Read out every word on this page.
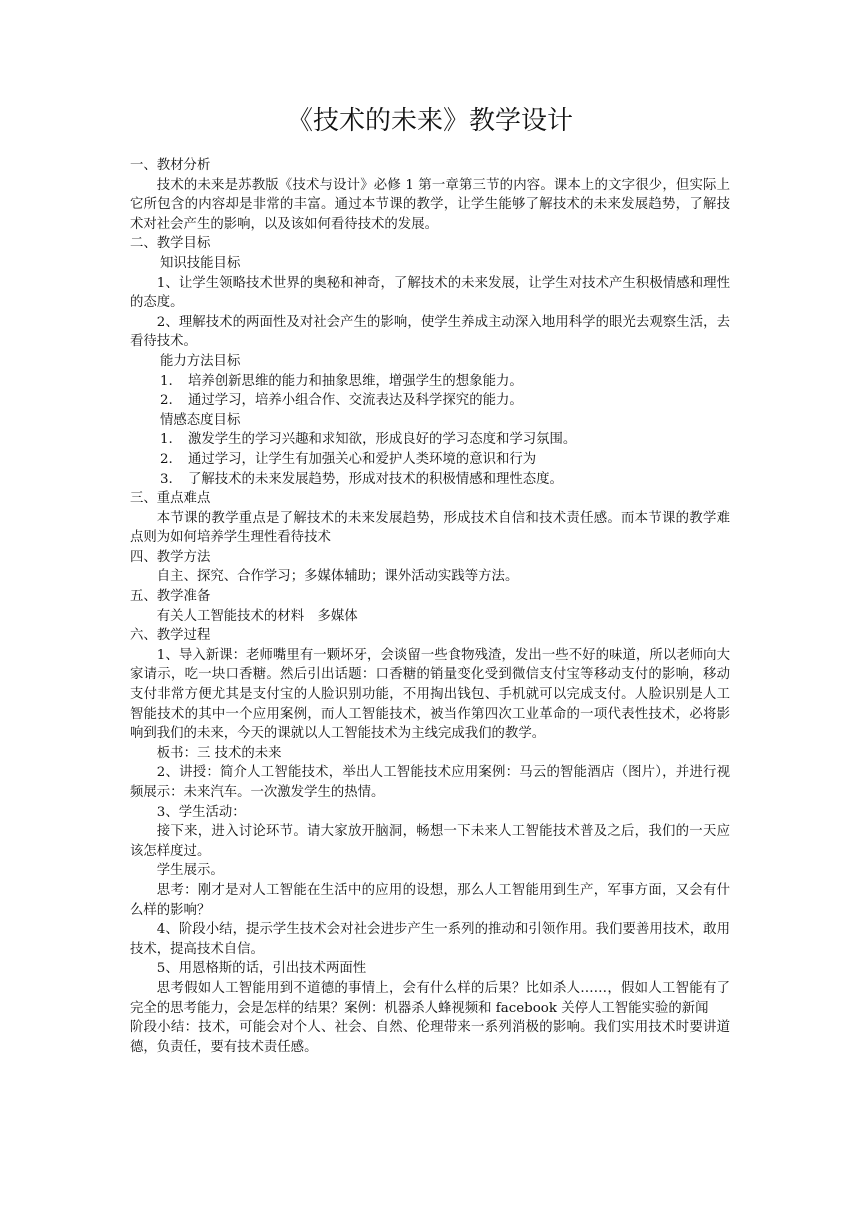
《技术的未来》教学设计

一、教材分析

技术的未来是苏教版《技术与设计》必修 1 第一章第三节的内容。课本上的文字很少，但实际上它所包含的内容却是非常的丰富。通过本节课的教学，让学生能够了解技术的未来发展趋势，了解技术对社会产生的影响，以及该如何看待技术的发展。

二、教学目标

知识技能目标

1、让学生领略技术世界的奥秘和神奇，了解技术的未来发展，让学生对技术产生积极情感和理性的态度。

2、理解技术的两面性及对社会产生的影响，使学生养成主动深入地用科学的眼光去观察生活，去看待技术。

能力方法目标

1. 培养创新思维的能力和抽象思维，增强学生的想象能力。

2. 通过学习，培养小组合作、交流表达及科学探究的能力。

情感态度目标

1. 激发学生的学习兴趣和求知欲，形成良好的学习态度和学习氛围。

2. 通过学习，让学生有加强关心和爱护人类环境的意识和行为

3. 了解技术的未来发展趋势，形成对技术的积极情感和理性态度。

三、重点难点

本节课的教学重点是了解技术的未来发展趋势，形成技术自信和技术责任感。而本节课的教学难点则为如何培养学生理性看待技术

四、教学方法

自主、探究、合作学习；多媒体辅助；课外活动实践等方法。

五、教学准备

有关人工智能技术的材料　多媒体

六、教学过程

1、导入新课：老师嘴里有一颗坏牙，会谈留一些食物残渣，发出一些不好的味道，所以老师向大家请示，吃一块口香糖。然后引出话题：口香糖的销量变化受到微信支付宝等移动支付的影响，移动支付非常方便尤其是支付宝的人脸识别功能，不用掏出钱包、手机就可以完成支付。人脸识别是人工智能技术的其中一个应用案例，而人工智能技术，被当作第四次工业革命的一项代表性技术，必将影响到我们的未来，今天的课就以人工智能技术为主线完成我们的教学。

板书：三 技术的未来

2、讲授：简介人工智能技术，举出人工智能技术应用案例：马云的智能酒店（图片），并进行视频展示：未来汽车。一次激发学生的热情。

3、学生活动：

接下来，进入讨论环节。请大家放开脑洞，畅想一下未来人工智能技术普及之后，我们的一天应该怎样度过。

学生展示。

思考：刚才是对人工智能在生活中的应用的设想，那么人工智能用到生产，军事方面，又会有什么样的影响？

4、阶段小结，提示学生技术会对社会进步产生一系列的推动和引领作用。我们要善用技术，敢用技术，提高技术自信。

5、用恩格斯的话，引出技术两面性

思考假如人工智能用到不道德的事情上，会有什么样的后果？比如杀人……，假如人工智能有了完全的思考能力，会是怎样的结果？案例：机器杀人蜂视频和 facebook 关停人工智能实验的新闻

阶段小结：技术，可能会对个人、社会、自然、伦理带来一系列消极的影响。我们实用技术时要讲道德，负责任，要有技术责任感。
